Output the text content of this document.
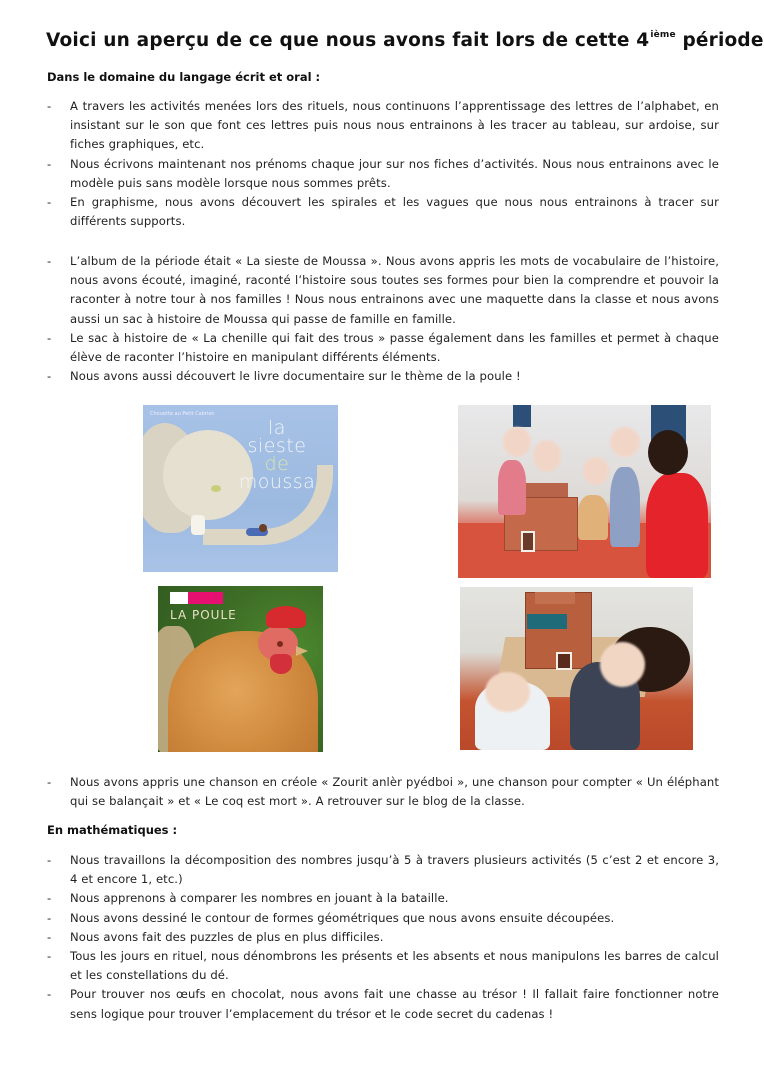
Voici un aperçu de ce que nous avons fait lors de cette 4ième période
Dans le domaine du langage écrit et oral :
-	A travers les activités menées lors des rituels, nous continuons l’apprentissage des lettres de l’alphabet, en insistant sur le son que font ces lettres puis nous nous entrainons à les tracer au tableau, sur ardoise, sur fiches graphiques, etc.
-	Nous écrivons maintenant nos prénoms chaque jour sur nos fiches d’activités. Nous nous entrainons avec le modèle puis sans modèle lorsque nous sommes prêts.
-	En graphisme, nous avons découvert les spirales et les vagues que nous nous entrainons à tracer sur différents supports.
-	L’album de la période était « La sieste de Moussa ». Nous avons appris les mots de vocabulaire de l’histoire, nous avons écouté, imaginé, raconté l’histoire sous toutes ses formes pour bien la comprendre et pouvoir la raconter à notre tour à nos familles ! Nous nous entrainons avec une maquette dans la classe et nous avons aussi un sac à histoire de Moussa qui passe de famille en famille.
-	Le sac à histoire de « La chenille qui fait des trous » passe également dans les familles et permet à chaque élève de raconter l’histoire en manipulant différents éléments.
-	Nous avons aussi découvert le livre documentaire sur le thème de la poule !
Chouette au Petit Cabrien
la
sieste
de
moussa
LA POULE
-	Nous avons appris une chanson en créole « Zourit anlèr pyédboi », une chanson pour compter « Un éléphant qui se balançait » et « Le coq est mort ». A retrouver sur le blog de la classe.
En mathématiques :
-	Nous travaillons la décomposition des nombres jusqu’à 5 à travers plusieurs activités (5 c’est 2 et encore 3, 4 et encore 1, etc.)
-	Nous apprenons à comparer les nombres en jouant à la bataille.
-	Nous avons dessiné le contour de formes géométriques que nous avons ensuite découpées.
-	Nous avons fait des puzzles de plus en plus difficiles.
-	Tous les jours en rituel, nous dénombrons les présents et les absents et nous manipulons les barres de calcul et les constellations du dé.
-	Pour trouver nos œufs en chocolat, nous avons fait une chasse au trésor ! Il fallait faire fonctionner notre sens logique pour trouver l’emplacement du trésor et le code secret du cadenas !
